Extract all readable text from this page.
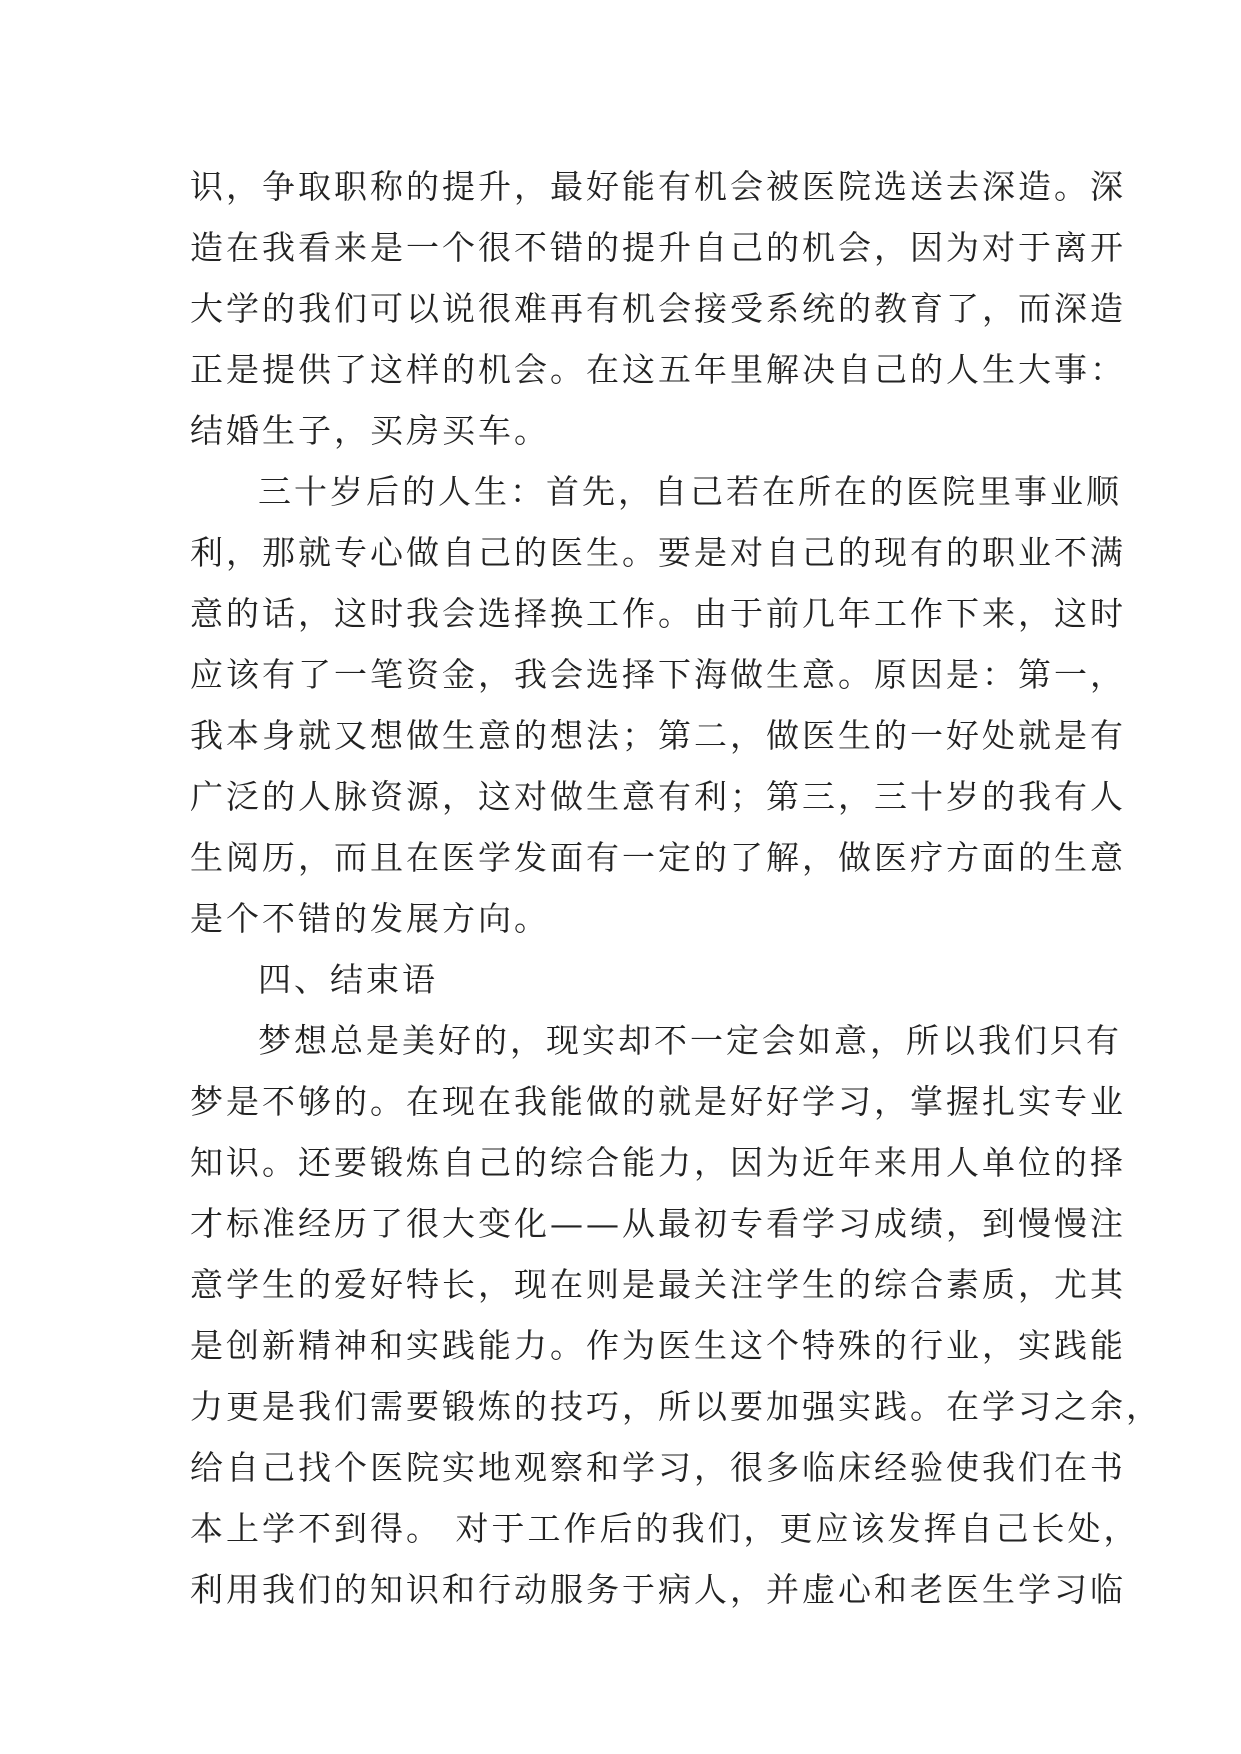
识，争取职称的提升，最好能有机会被医院选送去深造。深
造在我看来是一个很不错的提升自己的机会，因为对于离开
大学的我们可以说很难再有机会接受系统的教育了，而深造
正是提供了这样的机会。在这五年里解决自己的人生大事：
结婚生子，买房买车。
三十岁后的人生：首先，自己若在所在的医院里事业顺
利，那就专心做自己的医生。要是对自己的现有的职业不满
意的话，这时我会选择换工作。由于前几年工作下来，这时
应该有了一笔资金，我会选择下海做生意。原因是：第一，
我本身就又想做生意的想法；第二，做医生的一好处就是有
广泛的人脉资源，这对做生意有利；第三，三十岁的我有人
生阅历，而且在医学发面有一定的了解，做医疗方面的生意
是个不错的发展方向。
四、结束语
梦想总是美好的，现实却不一定会如意，所以我们只有
梦是不够的。在现在我能做的就是好好学习，掌握扎实专业
知识。还要锻炼自己的综合能力，因为近年来用人单位的择
才标准经历了很大变化——从最初专看学习成绩，到慢慢注
意学生的爱好特长，现在则是最关注学生的综合素质，尤其
是创新精神和实践能力。作为医生这个特殊的行业，实践能
力更是我们需要锻炼的技巧，所以要加强实践。在学习之余，
给自己找个医院实地观察和学习，很多临床经验使我们在书
本上学不到得。 对于工作后的我们，更应该发挥自己长处，
利用我们的知识和行动服务于病人，并虚心和老医生学习临
